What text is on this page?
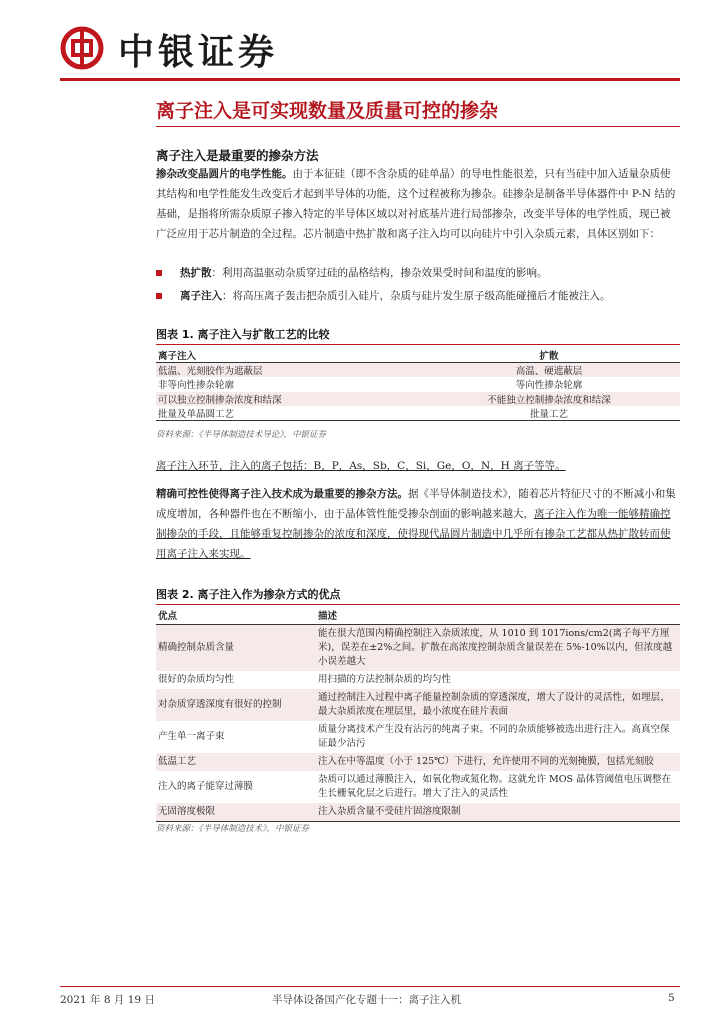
中银证券
离子注入是可实现数量及质量可控的掺杂
离子注入是最重要的掺杂方法
掺杂改变晶圆片的电学性能。由于本征硅（即不含杂质的硅单晶）的导电性能很差，只有当硅中加入适量杂质使其结构和电学性能发生改变后才起到半导体的功能，这个过程被称为掺杂。硅掺杂是制备半导体器件中 P-N 结的基础，是指将所需杂质原子掺入特定的半导体区域以对衬底基片进行局部掺杂，改变半导体的电学性质，现已被广泛应用于芯片制造的全过程。芯片制造中热扩散和离子注入均可以向硅片中引入杂质元素，具体区别如下：
热扩散：利用高温驱动杂质穿过硅的晶格结构，掺杂效果受时间和温度的影响。
离子注入：将高压离子轰击把杂质引入硅片，杂质与硅片发生原子级高能碰撞后才能被注入。
图表 1. 离子注入与扩散工艺的比较
离子注入	扩散
低温、光刻胶作为遮蔽层	高温、硬遮蔽层
非等向性掺杂轮廓	等向性掺杂轮廓
可以独立控制掺杂浓度和结深	不能独立控制掺杂浓度和结深
批量及单晶圆工艺	批量工艺
资料来源：《半导体制造技术导论》，中银证券
离子注入环节，注入的离子包括：B，P，As，Sb，C，Si，Ge，O，N，H 离子等等。
精确可控性使得离子注入技术成为最重要的掺杂方法。据《半导体制造技术》，随着芯片特征尺寸的不断减小和集成度增加，各种器件也在不断缩小，由于晶体管性能受掺杂剖面的影响越来越大，离子注入作为唯一能够精确控制掺杂的手段，且能够重复控制掺杂的浓度和深度，使得现代晶圆片制造中几乎所有掺杂工艺都从热扩散转而使用离子注入来实现。
图表 2. 离子注入作为掺杂方式的优点
优点	描述
精确控制杂质含量	能在很大范围内精确控制注入杂质浓度，从 1010 到 1017ions/cm2(离子每平方厘米)，误差在±2%之间。扩散在高浓度控制杂质含量误差在 5%-10%以内，但浓度越小误差越大
很好的杂质均匀性	用扫描的方法控制杂质的均匀性
对杂质穿透深度有很好的控制	通过控制注入过程中离子能量控制杂质的穿透深度，增大了设计的灵活性，如埋层、最大杂质浓度在埋层里，最小浓度在硅片表面
产生单一离子束	质量分离技术产生没有沾污的纯离子束。不同的杂质能够被选出进行注入。高真空保证最少沾污
低温工艺	注入在中等温度（小于 125℃）下进行，允许使用不同的光刻掩膜，包括光刻胶
注入的离子能穿过薄膜	杂质可以通过薄膜注入，如氧化物或氮化物。这就允许 MOS 晶体管阈值电压调整在生长栅氧化层之后进行。增大了注入的灵活性
无固溶度极限	注入杂质含量不受硅片固溶度限制
资料来源：《半导体制造技术》，中银证券
2021 年 8 月 19 日	半导体设备国产化专题十一：离子注入机	5
